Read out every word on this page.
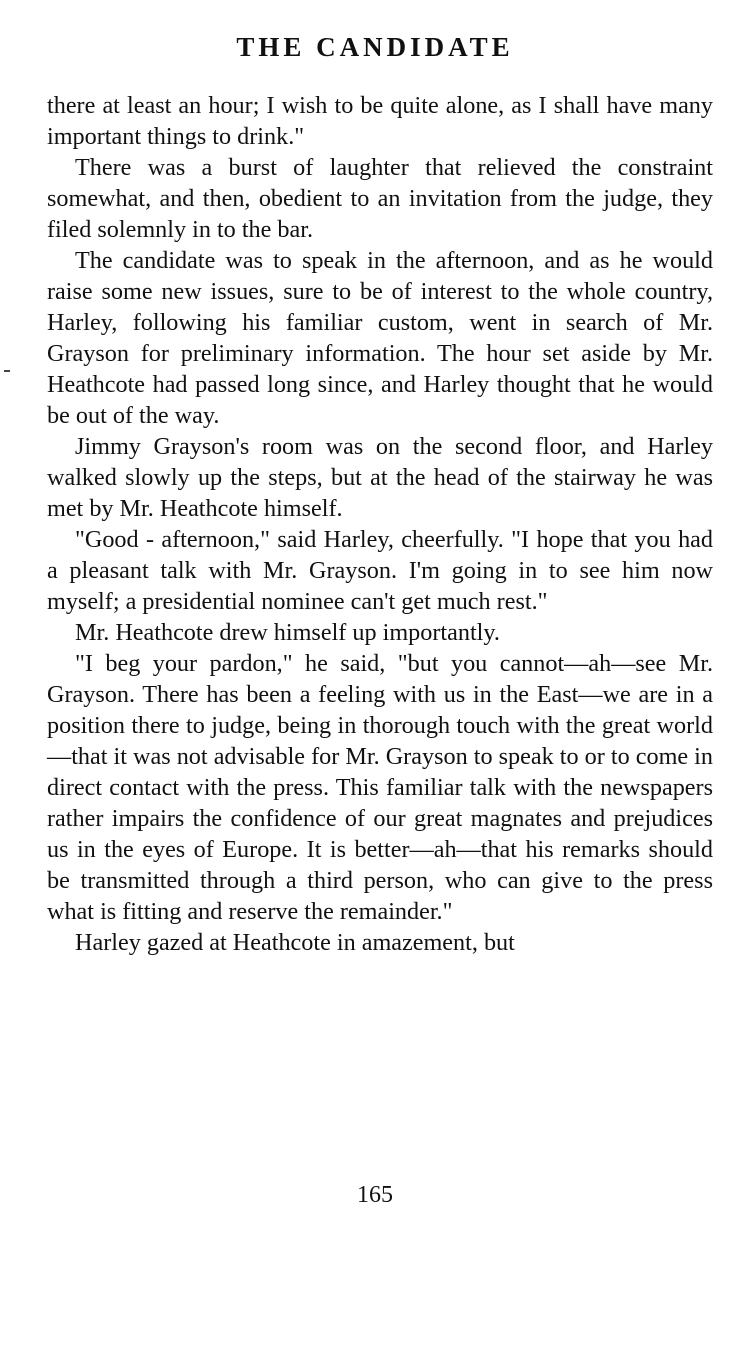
THE CANDIDATE

there at least an hour; I wish to be quite alone, as I shall have many important things to drink."

There was a burst of laughter that relieved the constraint somewhat, and then, obedient to an invitation from the judge, they filed solemnly in to the bar.

The candidate was to speak in the afternoon, and as he would raise some new issues, sure to be of interest to the whole country, Harley, following his familiar custom, went in search of Mr. Grayson for preliminary information. The hour set aside by Mr. Heathcote had passed long since, and Harley thought that he would be out of the way.

Jimmy Grayson's room was on the second floor, and Harley walked slowly up the steps, but at the head of the stairway he was met by Mr. Heathcote himself.

"Good - afternoon," said Harley, cheerfully. "I hope that you had a pleasant talk with Mr. Grayson. I'm going in to see him now myself; a presidential nominee can't get much rest."

Mr. Heathcote drew himself up importantly.

"I beg your pardon," he said, "but you cannot—ah—see Mr. Grayson. There has been a feeling with us in the East—we are in a position there to judge, being in thorough touch with the great world—that it was not advisable for Mr. Grayson to speak to or to come in direct contact with the press. This familiar talk with the newspapers rather impairs the confidence of our great magnates and prejudices us in the eyes of Europe. It is better—ah—that his remarks should be transmitted through a third person, who can give to the press what is fitting and reserve the remainder."

Harley gazed at Heathcote in amazement, but

165
